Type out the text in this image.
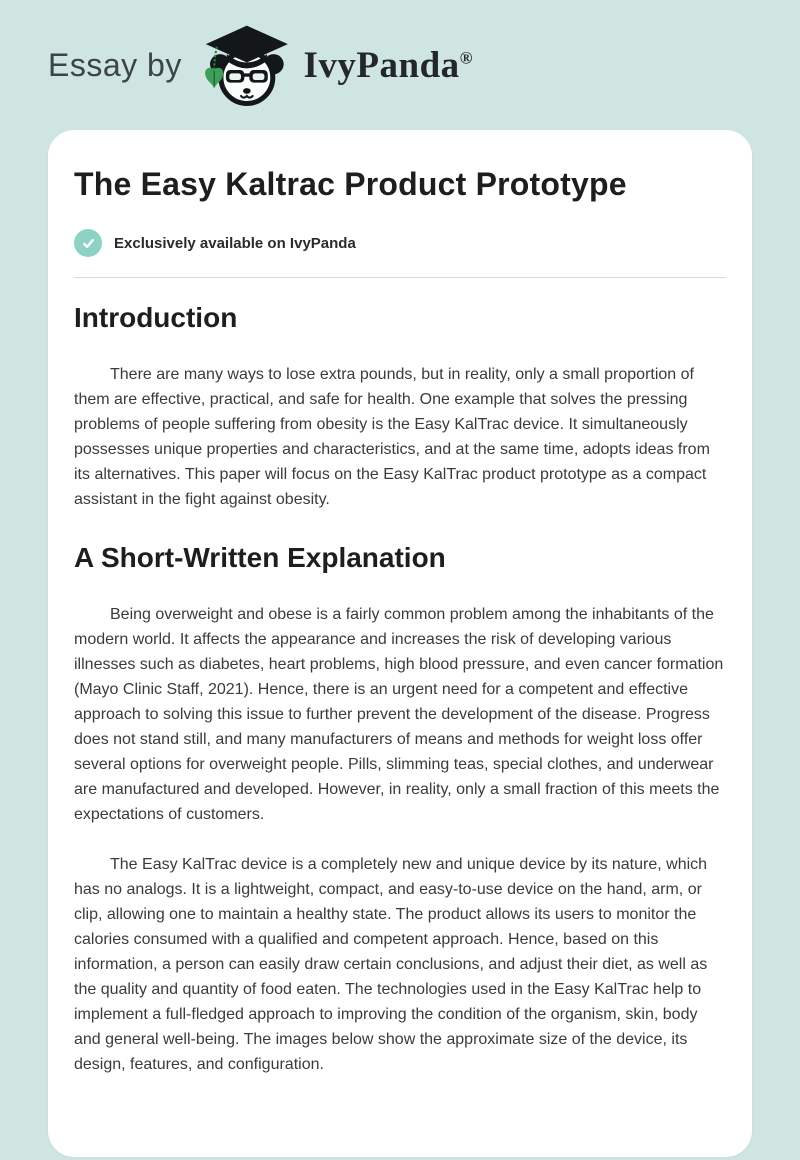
Essay by	IvyPanda®
The Easy Kaltrac Product Prototype
Exclusively available on IvyPanda
Introduction

There are many ways to lose extra pounds, but in reality, only a small proportion of them are effective, practical, and safe for health. One example that solves the pressing problems of people suffering from obesity is the Easy KalTrac device. It simultaneously possesses unique properties and characteristics, and at the same time, adopts ideas from its alternatives. This paper will focus on the Easy KalTrac product prototype as a compact assistant in the fight against obesity.

A Short-Written Explanation

Being overweight and obese is a fairly common problem among the inhabitants of the modern world. It affects the appearance and increases the risk of developing various illnesses such as diabetes, heart problems, high blood pressure, and even cancer formation (Mayo Clinic Staff, 2021). Hence, there is an urgent need for a competent and effective approach to solving this issue to further prevent the development of the disease. Progress does not stand still, and many manufacturers of means and methods for weight loss offer several options for overweight people. Pills, slimming teas, special clothes, and underwear are manufactured and developed. However, in reality, only a small fraction of this meets the expectations of customers.

The Easy KalTrac device is a completely new and unique device by its nature, which has no analogs. It is a lightweight, compact, and easy-to-use device on the hand, arm, or clip, allowing one to maintain a healthy state. The product allows its users to monitor the calories consumed with a qualified and competent approach. Hence, based on this information, a person can easily draw certain conclusions, and adjust their diet, as well as the quality and quantity of food eaten. The technologies used in the Easy KalTrac help to implement a full-fledged approach to improving the condition of the organism, skin, body and general well-being. The images below show the approximate size of the device, its design, features, and configuration.
